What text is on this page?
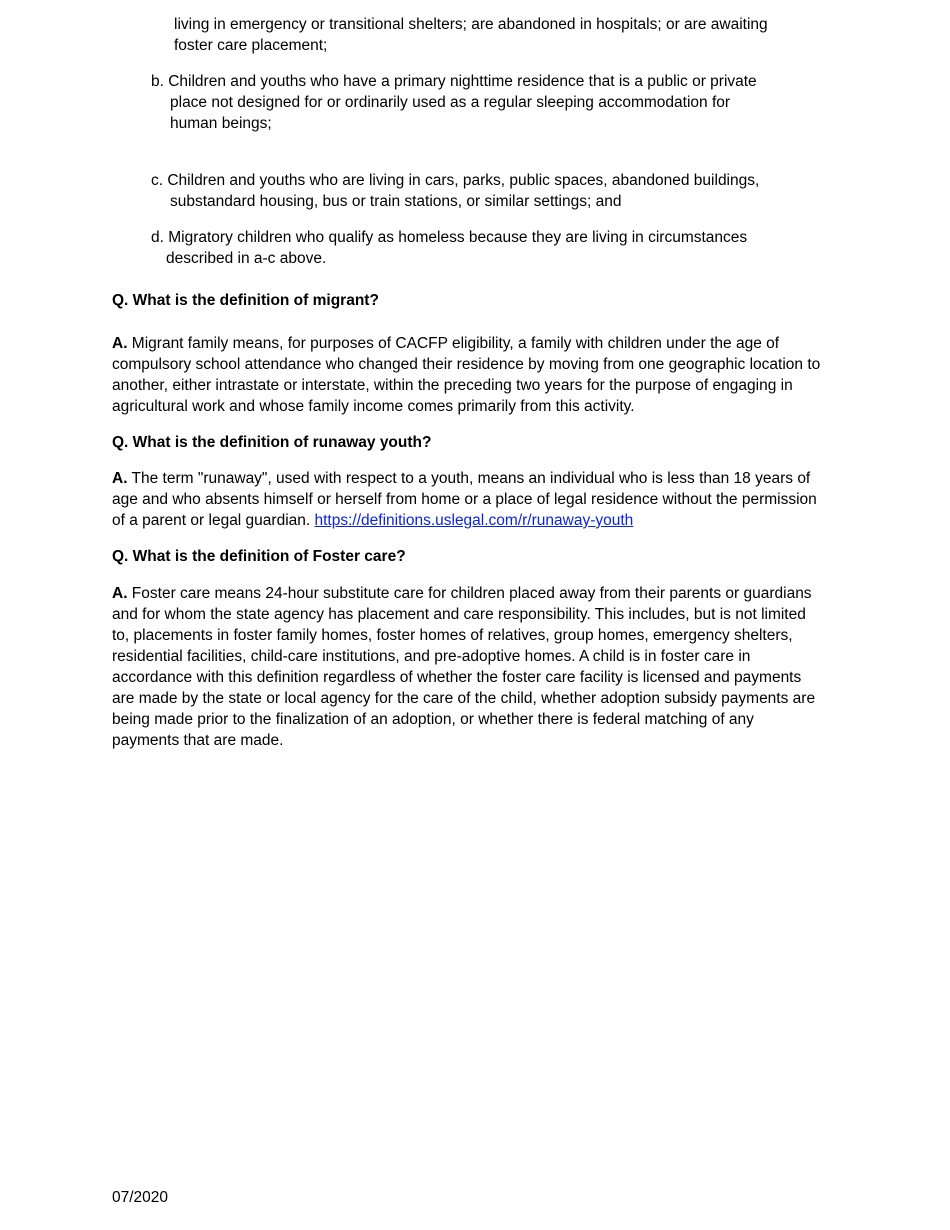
living in emergency or transitional shelters; are abandoned in hospitals; or are awaiting
foster care placement;
b. Children and youths who have a primary nighttime residence that is a public or private
place not designed for or ordinarily used as a regular sleeping accommodation for
human beings;
c. Children and youths who are living in cars, parks, public spaces, abandoned buildings,
substandard housing, bus or train stations, or similar settings; and
d. Migratory children who qualify as homeless because they are living in circumstances
described in a-c above.
Q. What is the definition of migrant?
A. Migrant family means, for purposes of CACFP eligibility, a family with children under the age of
compulsory school attendance who changed their residence by moving from one geographic location to
another, either intrastate or interstate, within the preceding two years for the purpose of engaging in
agricultural work and whose family income comes primarily from this activity.
Q. What is the definition of runaway youth?
A. The term "runaway", used with respect to a youth, means an individual who is less than 18 years of
age and who absents himself or herself from home or a place of legal residence without the permission
of a parent or legal guardian. https://definitions.uslegal.com/r/runaway-youth
Q. What is the definition of Foster care?
A. Foster care means 24-hour substitute care for children placed away from their parents or guardians
and for whom the state agency has placement and care responsibility. This includes, but is not limited
to, placements in foster family homes, foster homes of relatives, group homes, emergency shelters,
residential facilities, child-care institutions, and pre-adoptive homes. A child is in foster care in
accordance with this definition regardless of whether the foster care facility is licensed and payments
are made by the state or local agency for the care of the child, whether adoption subsidy payments are
being made prior to the finalization of an adoption, or whether there is federal matching of any
payments that are made.
07/2020
